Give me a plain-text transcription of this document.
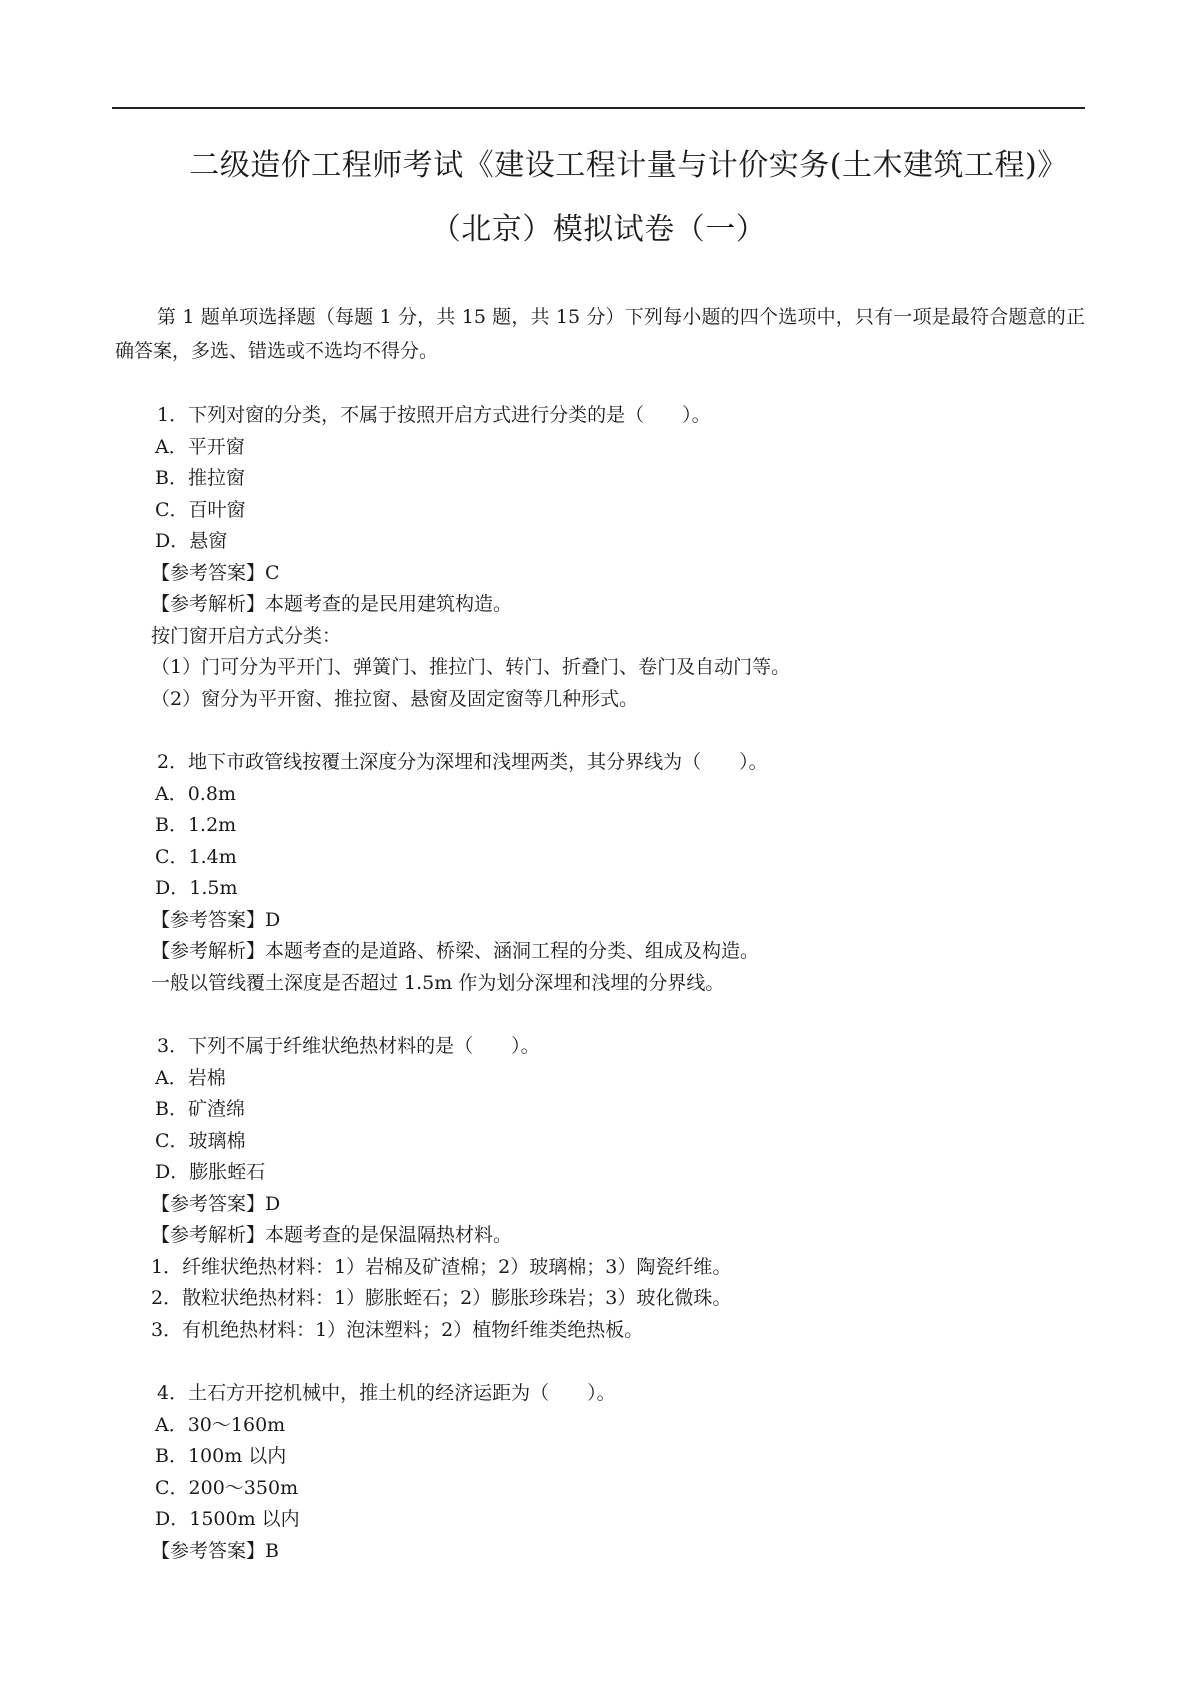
二级造价工程师考试《建设工程计量与计价实务(土木建筑工程)》
（北京）模拟试卷（一）

第 1 题单项选择题（每题 1 分，共 15 题，共 15 分）下列每小题的四个选项中，只有一项是最符合题意的正确答案，多选、错选或不选均不得分。

1．下列对窗的分类，不属于按照开启方式进行分类的是（　　）。
A．平开窗
B．推拉窗
C．百叶窗
D．悬窗
【参考答案】C
【参考解析】本题考查的是民用建筑构造。
按门窗开启方式分类：
（1）门可分为平开门、弹簧门、推拉门、转门、折叠门、卷门及自动门等。
（2）窗分为平开窗、推拉窗、悬窗及固定窗等几种形式。
2．地下市政管线按覆土深度分为深埋和浅埋两类，其分界线为（　　）。
A．0.8m
B．1.2m
C．1.4m
D．1.5m
【参考答案】D
【参考解析】本题考查的是道路、桥梁、涵洞工程的分类、组成及构造。
一般以管线覆土深度是否超过 1.5m 作为划分深埋和浅埋的分界线。
3．下列不属于纤维状绝热材料的是（　　）。
A．岩棉
B．矿渣绵
C．玻璃棉
D．膨胀蛭石
【参考答案】D
【参考解析】本题考查的是保温隔热材料。
1．纤维状绝热材料：1）岩棉及矿渣棉；2）玻璃棉；3）陶瓷纤维。
2．散粒状绝热材料：1）膨胀蛭石；2）膨胀珍珠岩；3）玻化微珠。
3．有机绝热材料：1）泡沫塑料；2）植物纤维类绝热板。
4．土石方开挖机械中，推土机的经济运距为（　　）。
A．30～160m
B．100m 以内
C．200～350m
D．1500m 以内
【参考答案】B
